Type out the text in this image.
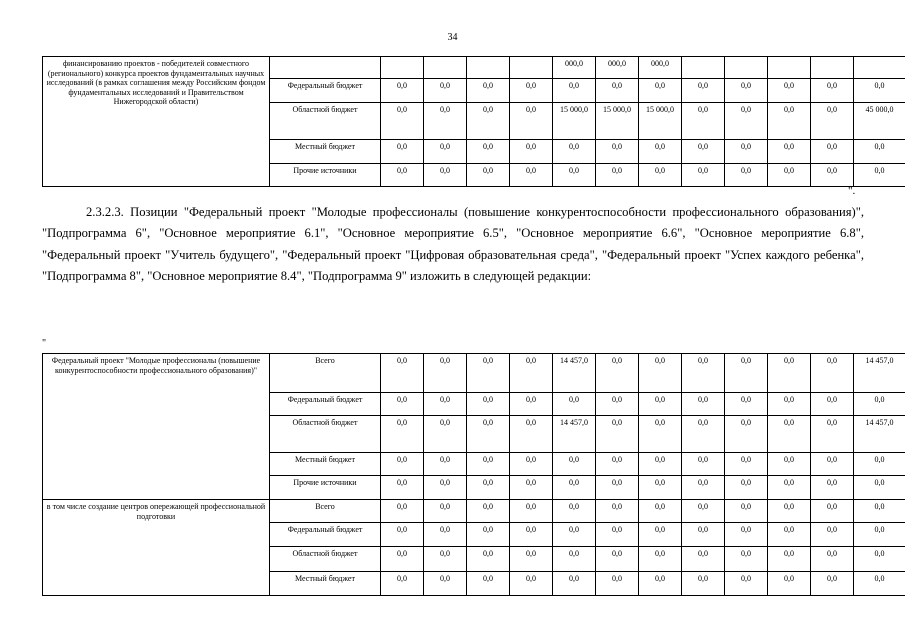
34
финансированию проектов - победителей совместного (регионального) конкурса проектов фундаментальных научных исследований (в рамках соглашения между Российским фондом фундаментальных исследований и Правительством Нижегородской области)						000,0	000,0	000,0					
	Федеральный бюджет	0,0	0,0	0,0	0,0	0,0	0,0	0,0	0,0	0,0	0,0	0,0	0,0
	Областной бюджет	0,0	0,0	0,0	0,0	15 000,0	15 000,0	15 000,0	0,0	0,0	0,0	0,0	45 000,0
	Местный бюджет	0,0	0,0	0,0	0,0	0,0	0,0	0,0	0,0	0,0	0,0	0,0	0,0
	Прочие источники	0,0	0,0	0,0	0,0	0,0	0,0	0,0	0,0	0,0	0,0	0,0	0,0
".
2.3.2.3. Позиции "Федеральный проект "Молодые профессионалы (повышение конкурентоспособности профессионального образования)", "Подпрограмма 6", "Основное мероприятие 6.1", "Основное мероприятие 6.5", "Основное мероприятие 6.6", "Основное мероприятие 6.8", "Федеральный проект "Учитель будущего", "Федеральный проект "Цифровая образовательная среда", "Федеральный проект "Успех каждого ребенка", "Подпрограмма 8", "Основное мероприятие 8.4", "Подпрограмма 9" изложить в следующей редакции:
"
Федеральный проект "Молодые профессионалы (повышение конкурентоспособности профессионального образования)"	Всего	0,0	0,0	0,0	0,0	14 457,0	0,0	0,0	0,0	0,0	0,0	0,0	14 457,0
	Федеральный бюджет	0,0	0,0	0,0	0,0	0,0	0,0	0,0	0,0	0,0	0,0	0,0	0,0
	Областной бюджет	0,0	0,0	0,0	0,0	14 457,0	0,0	0,0	0,0	0,0	0,0	0,0	14 457,0
	Местный бюджет	0,0	0,0	0,0	0,0	0,0	0,0	0,0	0,0	0,0	0,0	0,0	0,0
	Прочие источники	0,0	0,0	0,0	0,0	0,0	0,0	0,0	0,0	0,0	0,0	0,0	0,0
в том числе создание центров опережающей профессиональной подготовки	Всего	0,0	0,0	0,0	0,0	0,0	0,0	0,0	0,0	0,0	0,0	0,0	0,0
	Федеральный бюджет	0,0	0,0	0,0	0,0	0,0	0,0	0,0	0,0	0,0	0,0	0,0	0,0
	Областной бюджет	0,0	0,0	0,0	0,0	0,0	0,0	0,0	0,0	0,0	0,0	0,0	0,0
	Местный бюджет	0,0	0,0	0,0	0,0	0,0	0,0	0,0	0,0	0,0	0,0	0,0	0,0
